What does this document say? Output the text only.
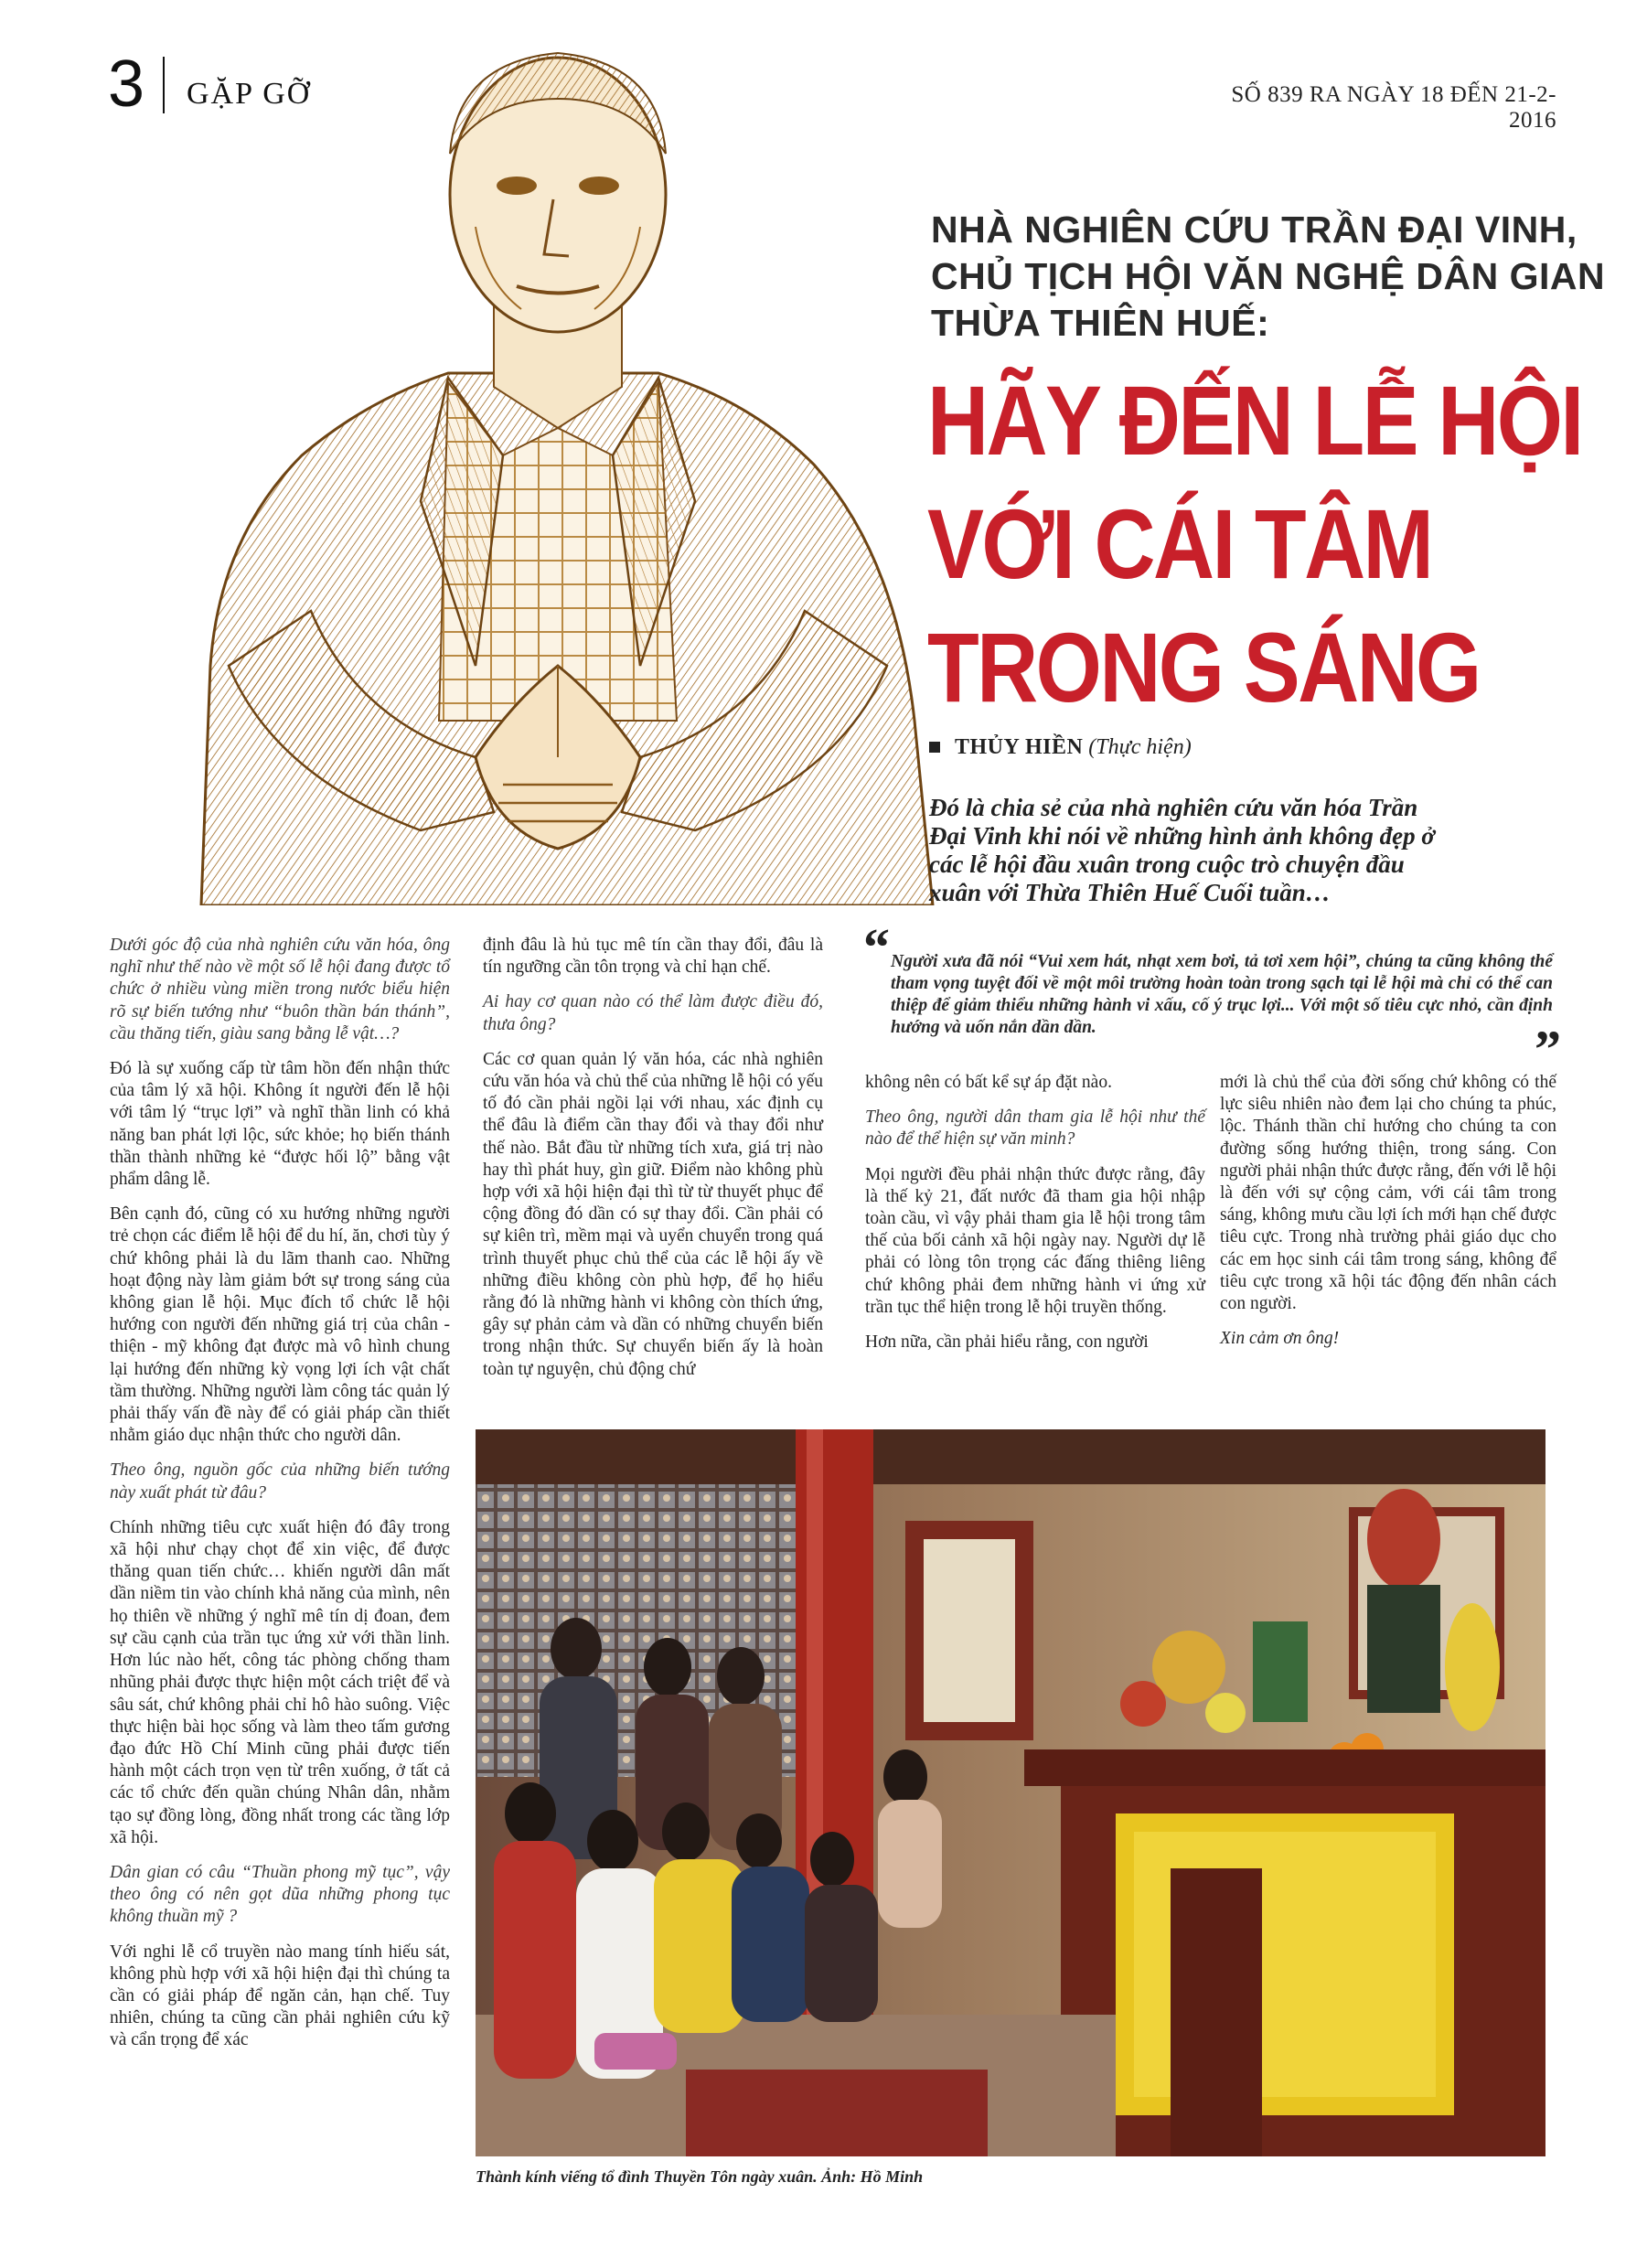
3 GẶP GỠ	SỐ 839 RA NGÀY 18 ĐẾN 21-2-2016
NHÀ NGHIÊN CỨU TRẦN ĐẠI VINH,
CHỦ TỊCH HỘI VĂN NGHỆ DÂN GIAN
THỪA THIÊN HUẾ:
HÃY ĐẾN LỄ HỘI
VỚI CÁI TÂM
TRONG SÁNG
THỦY HIỀN (Thực hiện)
Đó là chia sẻ của nhà nghiên cứu văn hóa Trần Đại Vinh khi nói về những hình ảnh không đẹp ở các lễ hội đầu xuân trong cuộc trò chuyện đầu xuân với Thừa Thiên Huế Cuối tuần…

Dưới góc độ của nhà nghiên cứu văn hóa, ông nghĩ như thế nào về một số lễ hội đang được tổ chức ở nhiều vùng miền trong nước biểu hiện rõ sự biến tướng như “buôn thần bán thánh”, cầu thăng tiến, giàu sang bằng lễ vật…?

Đó là sự xuống cấp từ tâm hồn đến nhận thức của tâm lý xã hội. Không ít người đến lễ hội với tâm lý “trục lợi” và nghĩ thần linh có khả năng ban phát lợi lộc, sức khỏe; họ biến thánh thần thành những kẻ “được hối lộ” bằng vật phẩm dâng lễ.

Bên cạnh đó, cũng có xu hướng những người trẻ chọn các điểm lễ hội để du hí, ăn, chơi tùy ý chứ không phải là du lãm thanh cao. Những hoạt động này làm giảm bớt sự trong sáng của không gian lễ hội. Mục đích tổ chức lễ hội hướng con người đến những giá trị của chân - thiện - mỹ không đạt được mà vô hình chung lại hướng đến những kỳ vọng lợi ích vật chất tầm thường. Những người làm công tác quản lý phải thấy vấn đề này để có giải pháp cần thiết nhằm giáo dục nhận thức cho người dân.

Theo ông, nguồn gốc của những biến tướng này xuất phát từ đâu?

Chính những tiêu cực xuất hiện đó đây trong xã hội như chạy chọt để xin việc, để được thăng quan tiến chức… khiến người dân mất dần niềm tin vào chính khả năng của mình, nên họ thiên về những ý nghĩ mê tín dị đoan, đem sự cầu cạnh của trần tục ứng xử với thần linh. Hơn lúc nào hết, công tác phòng chống tham nhũng phải được thực hiện một cách triệt để và sâu sát, chứ không phải chỉ hô hào suông. Việc thực hiện bài học sống và làm theo tấm gương đạo đức Hồ Chí Minh cũng phải được tiến hành một cách trọn vẹn từ trên xuống, ở tất cả các tổ chức đến quần chúng Nhân dân, nhằm tạo sự đồng lòng, đồng nhất trong các tầng lớp xã hội.

Dân gian có câu “Thuần phong mỹ tục”, vậy theo ông có nên gọt dũa những phong tục không thuần mỹ ?

Với nghi lễ cổ truyền nào mang tính hiếu sát, không phù hợp với xã hội hiện đại thì chúng ta cần có giải pháp để ngăn cản, hạn chế. Tuy nhiên, chúng ta cũng cần phải nghiên cứu kỹ và cẩn trọng để xác

định đâu là hủ tục mê tín cần thay đổi, đâu là tín ngưỡng cần tôn trọng và chỉ hạn chế.

Ai hay cơ quan nào có thể làm được điều đó, thưa ông?

Các cơ quan quản lý văn hóa, các nhà nghiên cứu văn hóa và chủ thể của những lễ hội có yếu tố đó cần phải ngồi lại với nhau, xác định cụ thể đâu là điểm cần thay đổi và thay đổi như thế nào. Bắt đầu từ những tích xưa, giá trị nào hay thì phát huy, gìn giữ. Điểm nào không phù hợp với xã hội hiện đại thì từ từ thuyết phục để cộng đồng đó dần có sự thay đổi. Cần phải có sự kiên trì, mềm mại và uyển chuyển trong quá trình thuyết phục chủ thể của các lễ hội ấy về những điều không còn phù hợp, để họ hiểu rằng đó là những hành vi không còn thích ứng, gây sự phản cảm và dần có những chuyển biến trong nhận thức. Sự chuyển biến ấy là hoàn toàn tự nguyện, chủ động chứ

“ Người xưa đã nói “Vui xem hát, nhạt xem bơi, tả tơi xem hội”, chúng ta cũng không thể tham vọng tuyệt đối về một môi trường hoàn toàn trong sạch tại lễ hội mà chỉ có thể can thiệp để giảm thiểu những hành vi xấu, cố ý trục lợi... Với một số tiêu cực nhỏ, cần định hướng và uốn nắn dần dần.	”

không nên có bất kể sự áp đặt nào.

Theo ông, người dân tham gia lễ hội như thế nào để thể hiện sự văn minh?

Mọi người đều phải nhận thức được rằng, đây là thế kỷ 21, đất nước đã tham gia hội nhập toàn cầu, vì vậy phải tham gia lễ hội trong tâm thế của bối cảnh xã hội ngày nay. Người dự lễ phải có lòng tôn trọng các đấng thiêng liêng chứ không phải đem những hành vi ứng xử trần tục thể hiện trong lễ hội truyền thống.

Hơn nữa, cần phải hiểu rằng, con người

mới là chủ thể của đời sống chứ không có thế lực siêu nhiên nào đem lại cho chúng ta phúc, lộc. Thánh thần chỉ hướng cho chúng ta con đường sống hướng thiện, trong sáng. Con người phải nhận thức được rằng, đến với lễ hội là đến với sự cộng cảm, với cái tâm trong sáng, không mưu cầu lợi ích mới hạn chế được tiêu cực. Trong nhà trường phải giáo dục cho các em học sinh cái tâm trong sáng, không để tiêu cực trong xã hội tác động đến nhân cách con người.

Xin cảm ơn ông!

Thành kính viếng tổ đình Thuyền Tôn ngày xuân. Ảnh: Hồ Minh
